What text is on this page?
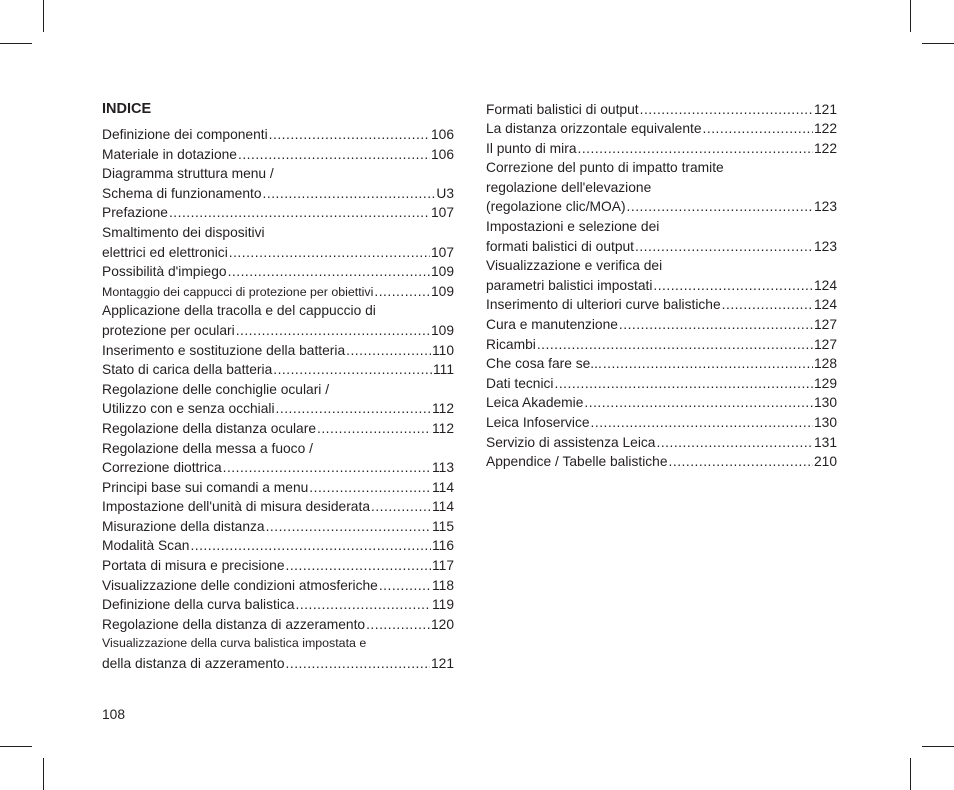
INDICE
Definizione dei componenti .....	106
Materiale in dotazione .....	106
Diagramma struttura menu /
Schema di funzionamento .....	U3
Prefazione .....	107
Smaltimento dei dispositivi
elettrici ed elettronici .....	107
Possibilità d'impiego .....	109
Montaggio dei cappucci di protezione per obiettivi .....	109
Applicazione della tracolla e del cappuccio di
protezione per oculari .....	109
Inserimento e sostituzione della batteria .....	110
Stato di carica della batteria .....	111
Regolazione delle conchiglie oculari /
Utilizzo con e senza occhiali .....	112
Regolazione della distanza oculare .....	112
Regolazione della messa a fuoco /
Correzione diottrica .....	113
Principi base sui comandi a menu .....	114
Impostazione dell'unità di misura desiderata .....	114
Misurazione della distanza .....	115
Modalità Scan .....	116
Portata di misura e precisione .....	117
Visualizzazione delle condizioni atmosferiche .....	118
Definizione della curva balistica .....	119
Regolazione della distanza di azzeramento .....	120
Visualizzazione della curva balistica impostata e
della distanza di azzeramento .....	121
Formati balistici di output .....	121
La distanza orizzontale equivalente .....	122
Il punto di mira .....	122
Correzione del punto di impatto tramite
regolazione dell'elevazione
(regolazione clic/MOA) .....	123
Impostazioni e selezione dei
formati balistici di output .....	123
Visualizzazione e verifica dei
parametri balistici impostati .....	124
Inserimento di ulteriori curve balistiche .....	124
Cura e manutenzione .....	127
Ricambi .....	127
Che cosa fare se... .....	128
Dati tecnici .....	129
Leica Akademie .....	130
Leica Infoservice .....	130
Servizio di assistenza Leica .....	131
Appendice / Tabelle balistiche .....	210
108
